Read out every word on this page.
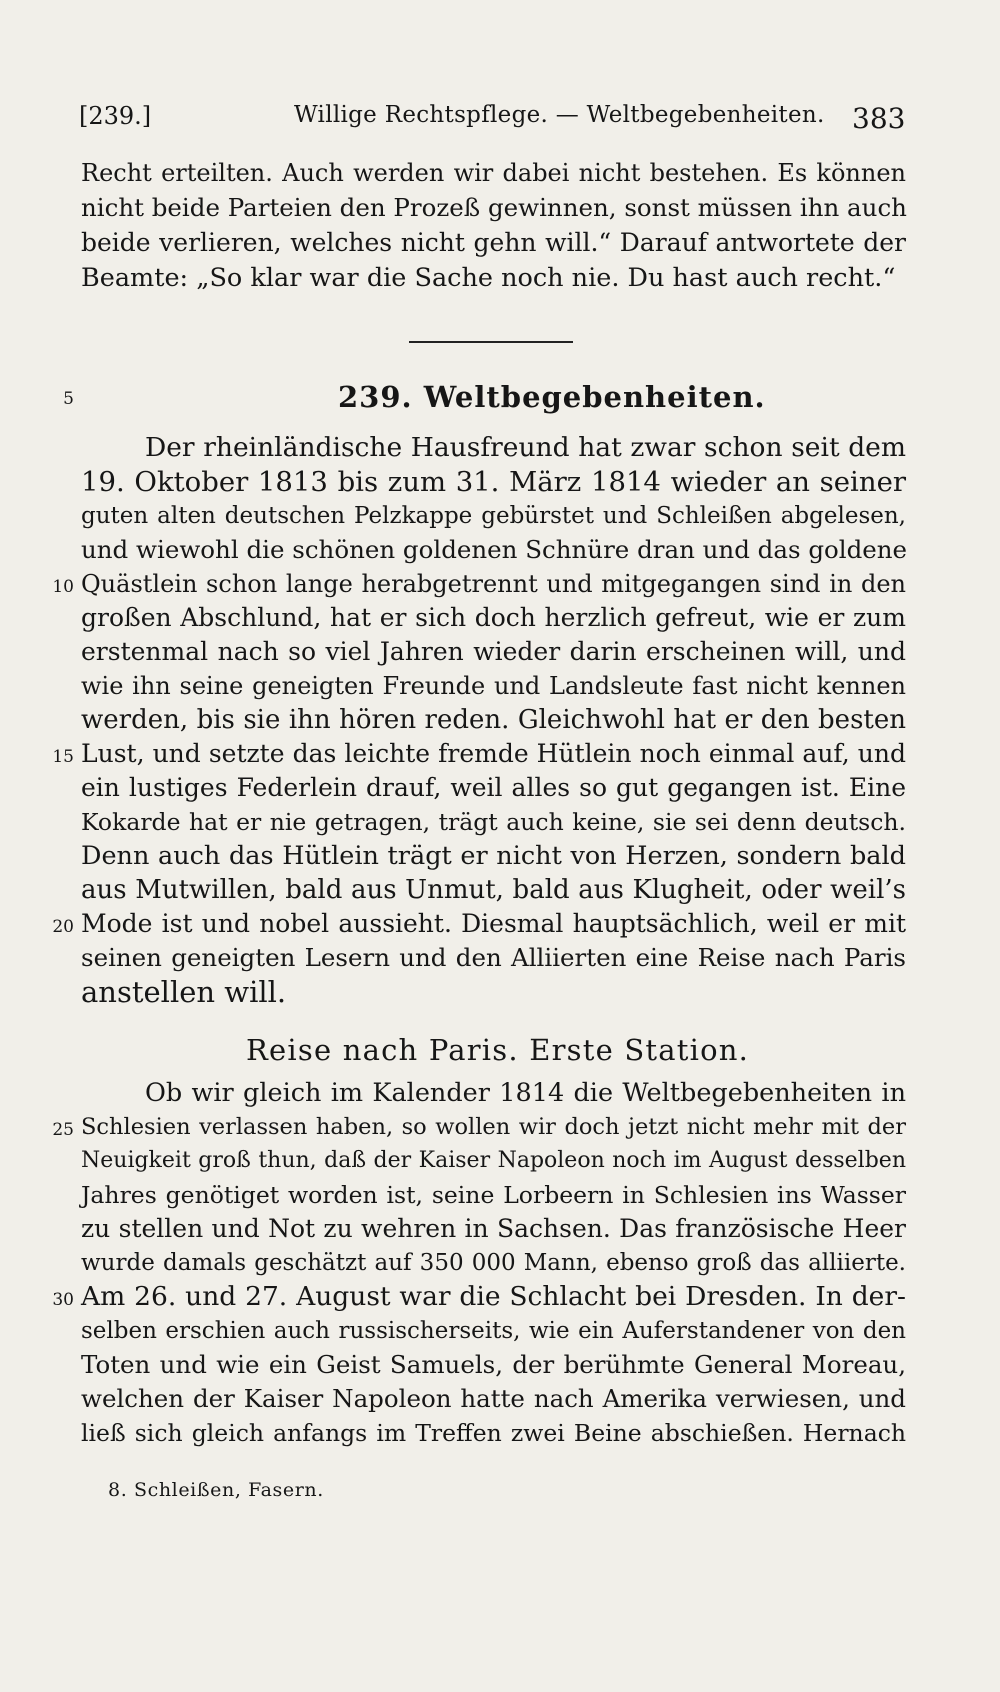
[239.]	Willige Rechtspflege. — Weltbegebenheiten. 383
Recht erteilten. Auch werden wir dabei nicht bestehen. Es können
nicht beide Parteien den Prozeß gewinnen, sonst müssen ihn auch
beide verlieren, welches nicht gehn will.“ Darauf antwortete der
Beamte: „So klar war die Sache noch nie. Du hast auch recht.“
239. Weltbegebenheiten.
Der rheinländische Hausfreund hat zwar schon seit dem
19. Oktober 1813 bis zum 31. März 1814 wieder an seiner
guten alten deutschen Pelzkappe gebürstet und Schleißen abgelesen,
und wiewohl die schönen goldenen Schnüre dran und das goldene
Quästlein schon lange herabgetrennt und mitgegangen sind in den
großen Abschlund, hat er sich doch herzlich gefreut, wie er zum
erstenmal nach so viel Jahren wieder darin erscheinen will, und
wie ihn seine geneigten Freunde und Landsleute fast nicht kennen
werden, bis sie ihn hören reden. Gleichwohl hat er den besten
Lust, und setzte das leichte fremde Hütlein noch einmal auf, und
ein lustiges Federlein drauf, weil alles so gut gegangen ist. Eine
Kokarde hat er nie getragen, trägt auch keine, sie sei denn deutsch.
Denn auch das Hütlein trägt er nicht von Herzen, sondern bald
aus Mutwillen, bald aus Unmut, bald aus Klugheit, oder weil’s
Mode ist und nobel aussieht. Diesmal hauptsächlich, weil er mit
seinen geneigten Lesern und den Alliierten eine Reise nach Paris
anstellen will.
Reise nach Paris. Erste Station.
Ob wir gleich im Kalender 1814 die Weltbegebenheiten in
Schlesien verlassen haben, so wollen wir doch jetzt nicht mehr mit der
Neuigkeit groß thun, daß der Kaiser Napoleon noch im August desselben
Jahres genötiget worden ist, seine Lorbeern in Schlesien ins Wasser
zu stellen und Not zu wehren in Sachsen. Das französische Heer
wurde damals geschätzt auf 350 000 Mann, ebenso groß das alliierte.
Am 26. und 27. August war die Schlacht bei Dresden. In der-
selben erschien auch russischerseits, wie ein Auferstandener von den
Toten und wie ein Geist Samuels, der berühmte General Moreau,
welchen der Kaiser Napoleon hatte nach Amerika verwiesen, und
ließ sich gleich anfangs im Treffen zwei Beine abschießen. Hernach
5
10
15
20
25
30
8. Schleißen, Fasern.
